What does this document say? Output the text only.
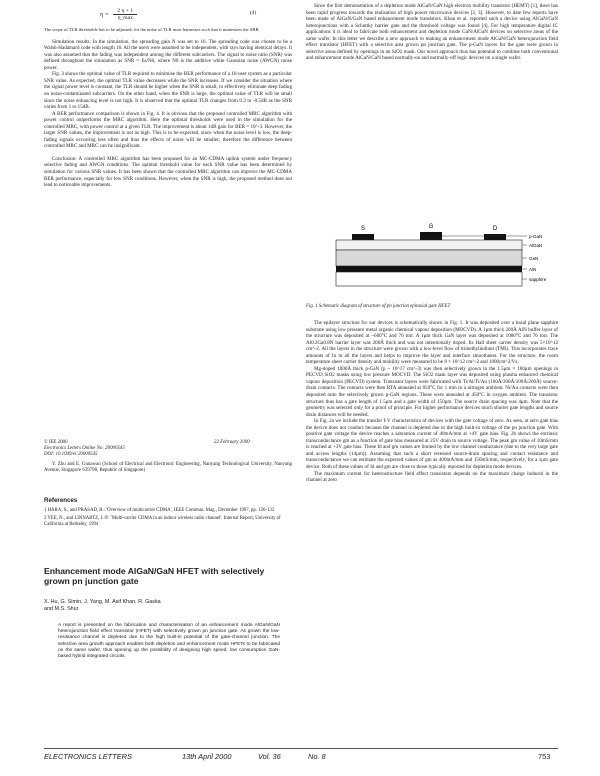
η =	2 η + 1
η_max
(4)

The scope of TLR thresholds has to be adjusted; for the noise of TLR most harnesses such that it minimizes the SBR.

Simulation results: In the simulation, the spreading gain N was set to 16. The spreading code was chosen to be a Walsh-Hadamard code with length 16. All the users were assumed to be independent, with rays having identical delays. It was also assumed that the fading was independent among the different subcarriers. The signal to noise ratio (SNR) was defined throughout the simulation as SNR = Es/N0, where N0 is the additive white Gaussian noise (AWGN) noise power.

Fig. 3 shows the optimal value of TLR required to minimise the BER performance of a 10-user system as a particular SNR value. As expected, the optimal TLR value decreases while the SNR increases. If we consider the situation where the signal power level is constant, the TLR should be higher when the SNR is small, to effectively eliminate deep fading on noise-contaminated subcarriers. On the other hand, when the SNR is large, the optimal value of TLR will be small since the noise enhancing level is not high. It is observed that the optimal TLR changes from 0.3 to -0.5dB as the SNR varies from 1 to 15dB.

A BER performance comparison is shown in Fig. 4. It is obvious that the proposed controlled MRC algorithm with power control outperforms the MRC algorithm. Here the optimal thresholds were used in the simulation for the controlled MRC, with power control at a given TLR. The improvement is about 1dB gain for BER = 10^-3. However, the larger SNR values, the improvement is not as high. This is to be expected, since when the noise level is low, the deep-fading signals occurring less often and thus the effects of noise will be smaller; therefore the difference between controlled MRC and MRC can be insignificant.

Conclusion: A controlled MRC algorithm has been proposed for an MC-CDMA uplink system under frequency selective fading and AWGN conditions. The optimal threshold value for each SNR value has been determined by simulation for various SNR values. It has been shown that the controlled MRC algorithm can improve the MC-CDMA BER performance, especially for low SNR conditions. However, when the SNR is high, the proposed method does not lead to noticeable improvements.

© IEE 2000	22 February 2000
Electronics Letters Online No: 20000545
DOI: 10.1049/el:20000545
Y. Zhu and E. Gunawan (School of Electrical and Electronic Engineering, Nanyang Technological University, Nanyang Avenue, Singapore 639798, Republic of Singapore)
References
1 HARA, S., and PRASAD, R.: 'Overview of multicarrier CDMA', IEEE Commun. Mag., December 1997, pp. 126-133
2 YEE, N., and LINNARTZ, J.-P.: 'Multi-carrier CDMA in an indoor wireless radio channel'. Internal Report, University of California at Berkeley, 1994
Enhancement mode AlGaN/GaN HFET with selectively grown pn junction gate
X. Hu, G. Simin, J. Yang, M. Asif Khan, R. Gaska
and M.S. Shur

A report is presented on the fabrication and characterisation of an enhancement mode AlGaN/GaN heterojunction field effect transistor (HFET) with selectively grown pn junction gate. As grown the low-resistance channel is depleted due to the high built-in potential of the gate-channel junction. The selective area growth approach enables both depletion and enhancement mode HFETs to be fabricated on the same wafer, thus opening up the possibility of designing high speed, low consumption GaN-based hybrid integrated circuits.

Since the first demonstration of a depletion mode AlGaN/GaN high electron mobility transistor (HEMT) [1], there has been rapid progress towards the realisation of high power microwave devices [2, 3]. However, to date few reports have been made of AlGaN/GaN based enhancement mode transistors. Khan et al. reported such a device using AlGaN/GaN heterojunctions with a Schottky barrier gate and the threshold voltage was found [4]. For high temperature digital IC applications it is ideal to fabricate both enhancement and depletion mode GaN/AlGaN devices on selective areas of the same wafer. In this letter we describe a new approach to making an enhancement mode AlGaN/GaN heterojunction field effect transistor (HFET) with a selective area grown pn junction gate. The p-GaN layers for the gate were grown in selective areas defined by openings in an SiO2 mask. Our novel approach thus has potential to combine both conventional and enhancement mode AlGaN/GaN based normally-on and normally-off logic devices on a single wafer.

S	G	D
p-GaN
AlGaN
GaN
AlN
sapphire
Fig. 1 Schematic diagram of structure of pn junction epitaxial gate HFET

The epilayer structure for our devices is schematically shown in Fig. 1. It was deposited over a basal plane sapphire substrate using low pressure metal organic chemical vapour deposition (MOCVD). A 1μm thick 200Å AlN buffer layer of the structure was deposited at ~600°C and 76 torr. A 1μm thick GaN layer was deposited at 1000°C and 76 torr. The Al0.2Ga0.8N barrier layer was 200Å thick and was not intentionally doped. Its Hall sheet carrier density was 5×10^12 cm^-2. All the layers in the structure were grown with a low-level flow of trimethylindium (TMI). This incorporates trace amounts of In in all the layers and helps to improve the layer and interface smoothness. For the structure, the room temperature sheet carrier density and mobility were measured to be 8 × 10^12 cm^-2 and 1000cm^2/Vs.

Mg-doped 1000Å thick p-GaN (p ~ 10^17 cm^-3) was then selectively grown in the 1.5μm × 100μm openings in PECVD SiO2 masks using low pressure MOCVD. The SiO2 mask layer was deposited using plasma enhanced chemical vapour deposition (PECVD) system. Transistor layers were fabricated with Ti/Al/Ti/Au (100Å/200Å/100Å/200Å) source-drain contacts. The contacts were then RTA annealed at 850°C for 1 min in a nitrogen ambient. Ni/Au contacts were then deposited onto the selectively grown p-GaN regions. These were annealed at 450°C in oxygen ambient. The transistor structure thus has a gate length of 1.5μm and a gate width of 150μm. The source drain spacing was 4μm. Note that the geometry was selected only for a proof of principle. For higher performance devices much shorter gate lengths and source drain distances will be needed.

In Fig. 2a we include the transfer I-V characteristics of devices with the gate voltage of zero. As seen, at zero gate bias the device does not conduct because the channel is depleted due to the high built-in voltage of the pn junction gate. With positive gate voltage the device reaches a saturation current of 40mA/mm at +4V gate bias. Fig. 2b shows the extrinsic transconductance gm as a function of gate bias measured at 25V drain to source voltage. The peak gm value of 10mS/mm is reached at +3V gate bias. These Id and gm values are limited by the low channel conductance (due to the very large gate and access lengths (14μm)). Assuming that such a short recessed source-drain spacing and contact resistance and transconductance we can estimate the expected values of gm as 400mA/mm and 150mS/mm, respectively, for a 1μm gate device. Both of these values of Id and gm are close to those typically reported for depletion mode devices.

The maximum current for heterostructure field effect transistors depends on the maximum charge induced in the channel at zero

ELECTRONICS LETTERS	13th April 2000	Vol. 36	No. 8	753
